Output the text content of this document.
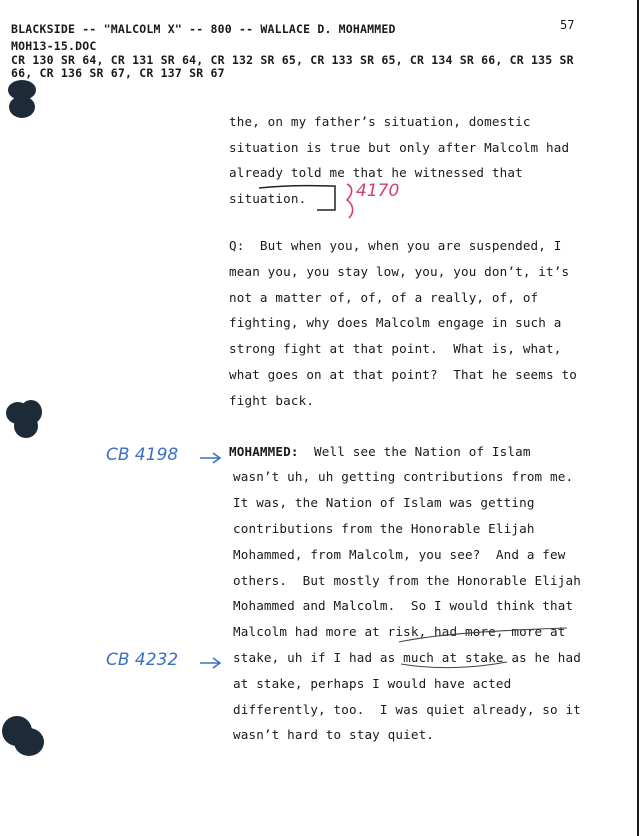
BLACKSIDE -- "MALCOLM X" -- 800 -- WALLACE D. MOHAMMED
MOH13-15.DOC
CR 130 SR 64, CR 131 SR 64, CR 132 SR 65, CR 133 SR 65, CR 134 SR 66, CR 135 SR
66, CR 136 SR 67, CR 137 SR 67
57
the, on my father’s situation, domestic
situation is true but only after Malcolm had
already told me that he witnessed that
situation.	4170
Q:  But when you, when you are suspended, I
mean you, you stay low, you, you don’t, it’s
not a matter of, of, of a really, of, of
fighting, why does Malcolm engage in such a
strong fight at that point.  What is, what,
what goes on at that point?  That he seems to
fight back.
CB 4198	MOHAMMED:  Well see the Nation of Islam
wasn’t uh, uh getting contributions from me.
It was, the Nation of Islam was getting
contributions from the Honorable Elijah
Mohammed, from Malcolm, you see?  And a few
others.  But mostly from the Honorable Elijah
Mohammed and Malcolm.  So I would think that
Malcolm had more at risk, had more, more at
stake, uh if I had as much at stake as he had
at stake, perhaps I would have acted
differently, too.  I was quiet already, so it
wasn’t hard to stay quiet.
CB 4232
